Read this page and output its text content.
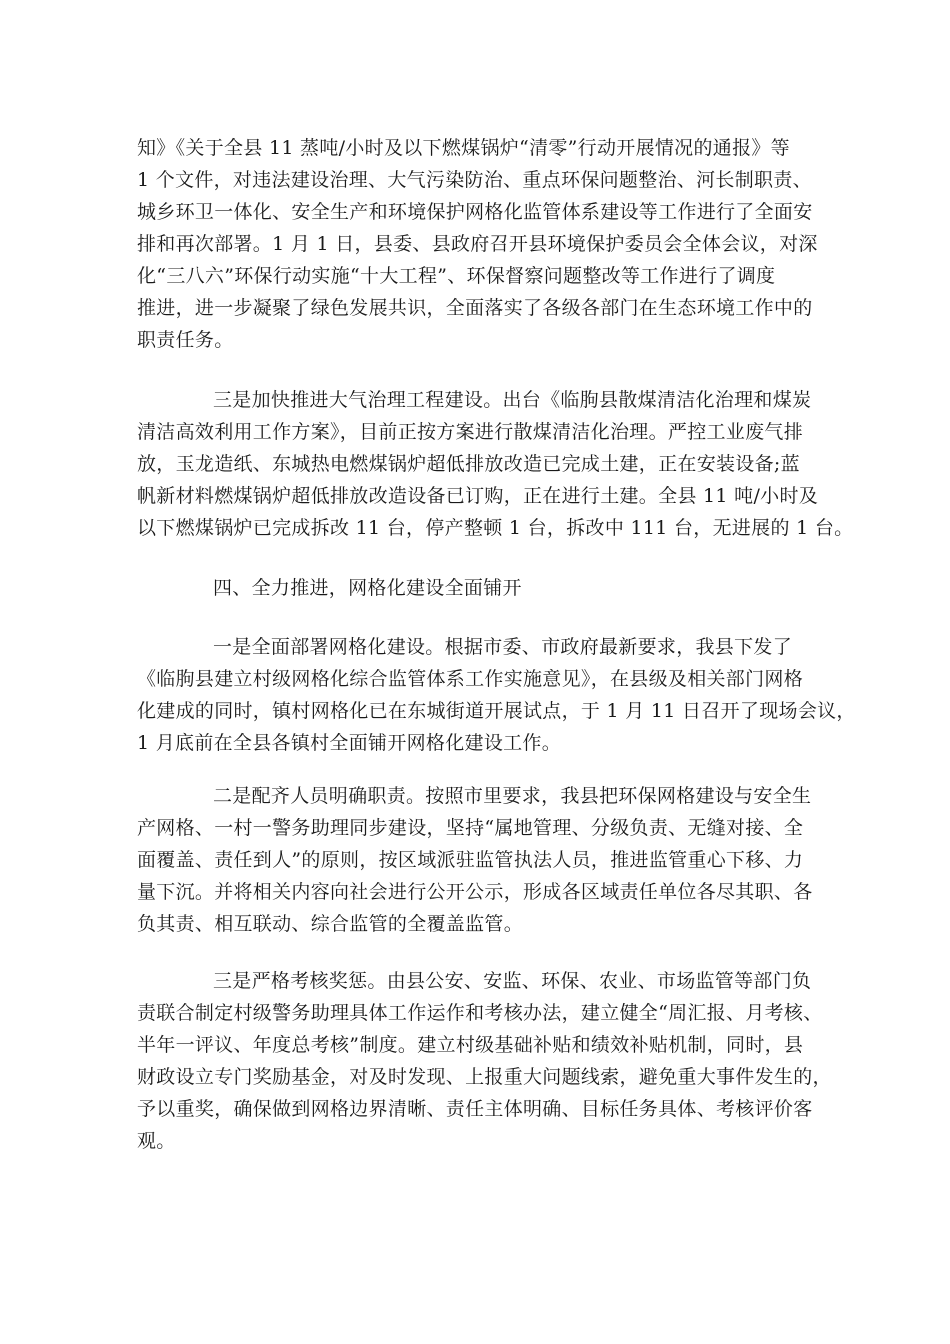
知》《关于全县 11 蒸吨/小时及以下燃煤锅炉“清零”行动开展情况的通报》等
1 个文件，对违法建设治理、大气污染防治、重点环保问题整治、河长制职责、
城乡环卫一体化、安全生产和环境保护网格化监管体系建设等工作进行了全面安
排和再次部署。1 月 1 日，县委、县政府召开县环境保护委员会全体会议，对深
化“三八六”环保行动实施“十大工程”、环保督察问题整改等工作进行了调度
推进，进一步凝聚了绿色发展共识，全面落实了各级各部门在生态环境工作中的
职责任务。
三是加快推进大气治理工程建设。出台《临朐县散煤清洁化治理和煤炭
清洁高效利用工作方案》，目前正按方案进行散煤清洁化治理。严控工业废气排
放，玉龙造纸、东城热电燃煤锅炉超低排放改造已完成土建，正在安装设备;蓝
帆新材料燃煤锅炉超低排放改造设备已订购，正在进行土建。全县 11 吨/小时及
以下燃煤锅炉已完成拆改 11 台，停产整顿 1 台，拆改中 111 台，无进展的 1 台。
四、全力推进，网格化建设全面铺开
一是全面部署网格化建设。根据市委、市政府最新要求，我县下发了
《临朐县建立村级网格化综合监管体系工作实施意见》，在县级及相关部门网格
化建成的同时，镇村网格化已在东城街道开展试点，于 1 月 11 日召开了现场会议，
1 月底前在全县各镇村全面铺开网格化建设工作。
二是配齐人员明确职责。按照市里要求，我县把环保网格建设与安全生
产网格、一村一警务助理同步建设，坚持“属地管理、分级负责、无缝对接、全
面覆盖、责任到人”的原则，按区域派驻监管执法人员，推进监管重心下移、力
量下沉。并将相关内容向社会进行公开公示，形成各区域责任单位各尽其职、各
负其责、相互联动、综合监管的全覆盖监管。
三是严格考核奖惩。由县公安、安监、环保、农业、市场监管等部门负
责联合制定村级警务助理具体工作运作和考核办法，建立健全“周汇报、月考核、
半年一评议、年度总考核”制度。建立村级基础补贴和绩效补贴机制，同时，县
财政设立专门奖励基金，对及时发现、上报重大问题线索，避免重大事件发生的，
予以重奖，确保做到网格边界清晰、责任主体明确、目标任务具体、考核评价客
观。
